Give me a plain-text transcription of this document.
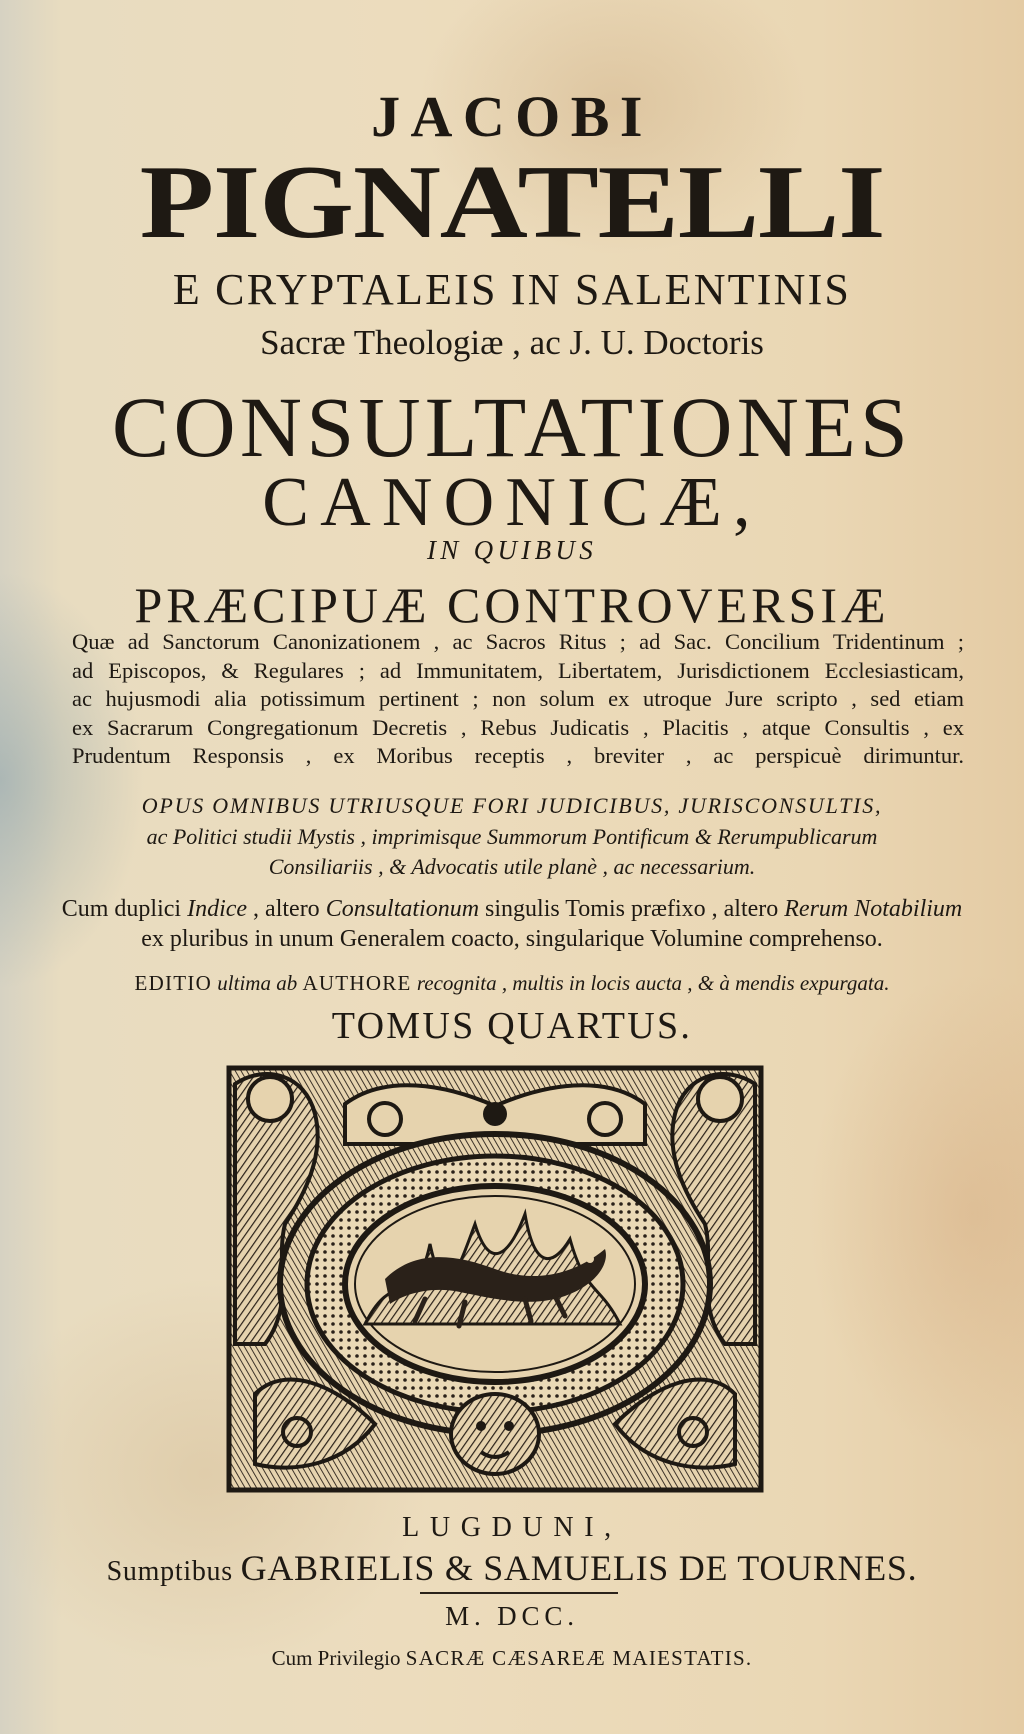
JACOBI
PIGNATELLI
E CRYPTALEIS IN SALENTINIS
Sacræ Theologiæ , ac J. U. Doctoris
CONSULTATIONES
CANONICÆ,
IN QUIBUS
PRÆCIPUÆ CONTROVERSIÆ
Quæ ad Sanctorum Canonizationem , ac Sacros Ritus ; ad Sac. Concilium Tridentinum ;
ad Episcopos, & Regulares ; ad Immunitatem, Libertatem, Jurisdictionem Ecclesiasticam,
ac hujusmodi alia potissimum pertinent ; non solum ex utroque Jure scripto , sed etiam
ex Sacrarum Congregationum Decretis , Rebus Judicatis , Placitis , atque Consultis , ex
Prudentum Responsis , ex Moribus receptis , breviter , ac perspicuè dirimuntur.
OPUS OMNIBUS UTRIUSQUE FORI JUDICIBUS, JURISCONSULTIS,
ac Politici studii Mystis , imprimisque Summorum Pontificum & Rerumpublicarum
Consiliariis , & Advocatis utile planè , ac necessarium.
Cum duplici Indice , altero Consultationum singulis Tomis præfixo , altero Rerum Notabilium
ex pluribus in unum Generalem coacto, singularique Volumine comprehenso.
EDITIO ultima ab AUTHORE recognita , multis in locis aucta , & à mendis expurgata.
TOMUS QUARTUS.
LUGDUNI,
Sumptibus GABRIELIS & SAMUELIS DE TOURNES.
M. DCC.
Cum Privilegio SACRÆ CÆSAREÆ MAIESTATIS.
